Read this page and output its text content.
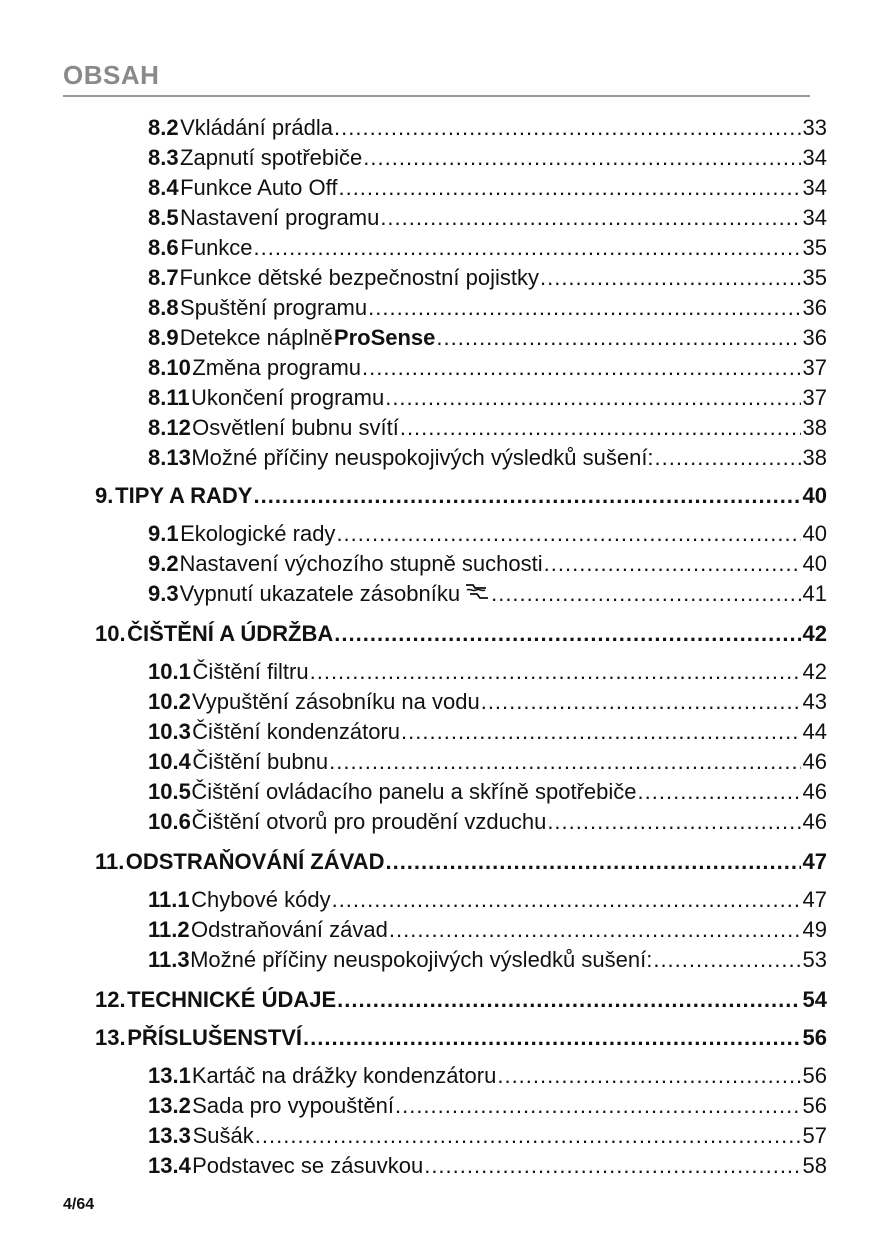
OBSAH
8.2 Vkládání prádla .....	33
8.3 Zapnutí spotřebiče .....	34
8.4 Funkce Auto Off .....	34
8.5 Nastavení programu .....	34
8.6 Funkce .....	35
8.7 Funkce dětské bezpečnostní pojistky .....	35
8.8 Spuštění programu .....	36
8.9 Detekce náplně ProSense .....	36
8.10 Změna programu .....	37
8.11 Ukončení programu .....	37
8.12 Osvětlení bubnu svítí .....	38
8.13 Možné příčiny neuspokojivých výsledků sušení: .....	38
9. TIPY A RADY .....	40
9.1 Ekologické rady .....	40
9.2 Nastavení výchozího stupně suchosti .....	40
9.3 Vypnutí ukazatele zásobníku .....	41
10. ČIŠTĚNÍ A ÚDRŽBA .....	42
10.1 Čištění filtru .....	42
10.2 Vypuštění zásobníku na vodu .....	43
10.3 Čištění kondenzátoru .....	44
10.4 Čištění bubnu .....	46
10.5 Čištění ovládacího panelu a skříně spotřebiče .....	46
10.6 Čištění otvorů pro proudění vzduchu .....	46
11. ODSTRAŇOVÁNÍ ZÁVAD .....	47
11.1 Chybové kódy .....	47
11.2 Odstraňování závad .....	49
11.3 Možné příčiny neuspokojivých výsledků sušení: .....	53
12. TECHNICKÉ ÚDAJE .....	54
13. PŘÍSLUŠENSTVÍ .....	56
13.1 Kartáč na drážky kondenzátoru .....	56
13.2 Sada pro vypouštění .....	56
13.3 Sušák .....	57
13.4 Podstavec se zásuvkou .....	58
4/64
